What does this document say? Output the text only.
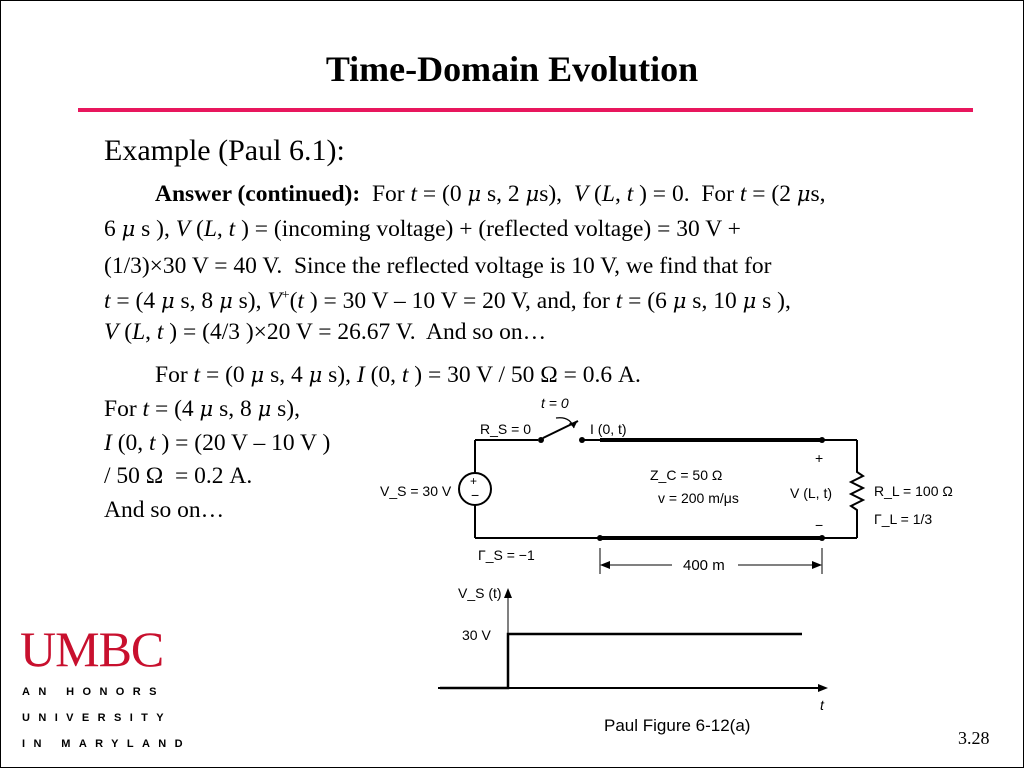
Time-Domain Evolution
Example (Paul 6.1):
Answer (continued):  For t = (0 μ s, 2 μs),  V (L, t ) = 0.  For t = (2 μs,
6 μ s ), V (L, t ) = (incoming voltage) + (reflected voltage) = 30 V +
(1/3)×30 V = 40 V.  Since the reflected voltage is 10 V, we find that for
t = (4 μ s, 8 μ s), V+(t ) = 30 V – 10 V = 20 V, and, for t = (6 μ s, 10 μ s ),
V (L, t ) = (4/3 )×20 V = 26.67 V.  And so on…
For t = (0 μ s, 4 μ s), I (0, t ) = 30 V / 50 Ω = 0.6 A.
For t = (4 μ s, 8 μ s),
I (0, t ) = (20 V – 10 V )
/ 50 Ω  = 0.2 A.
And so on…
t = 0
R_S = 0	I (0, t)
+
−
V_S = 30 V
Γ_S = −1
Z_C = 50 Ω
v = 200 m/μs
+
−
V (L, t)	R_L = 100 Ω
Γ_L = 1/3
400 m
V_S (t)
30 V
t
Paul Figure 6-12(a)
UMBC
AN HONORS
UNIVERSITY
IN MARYLAND	3.28
